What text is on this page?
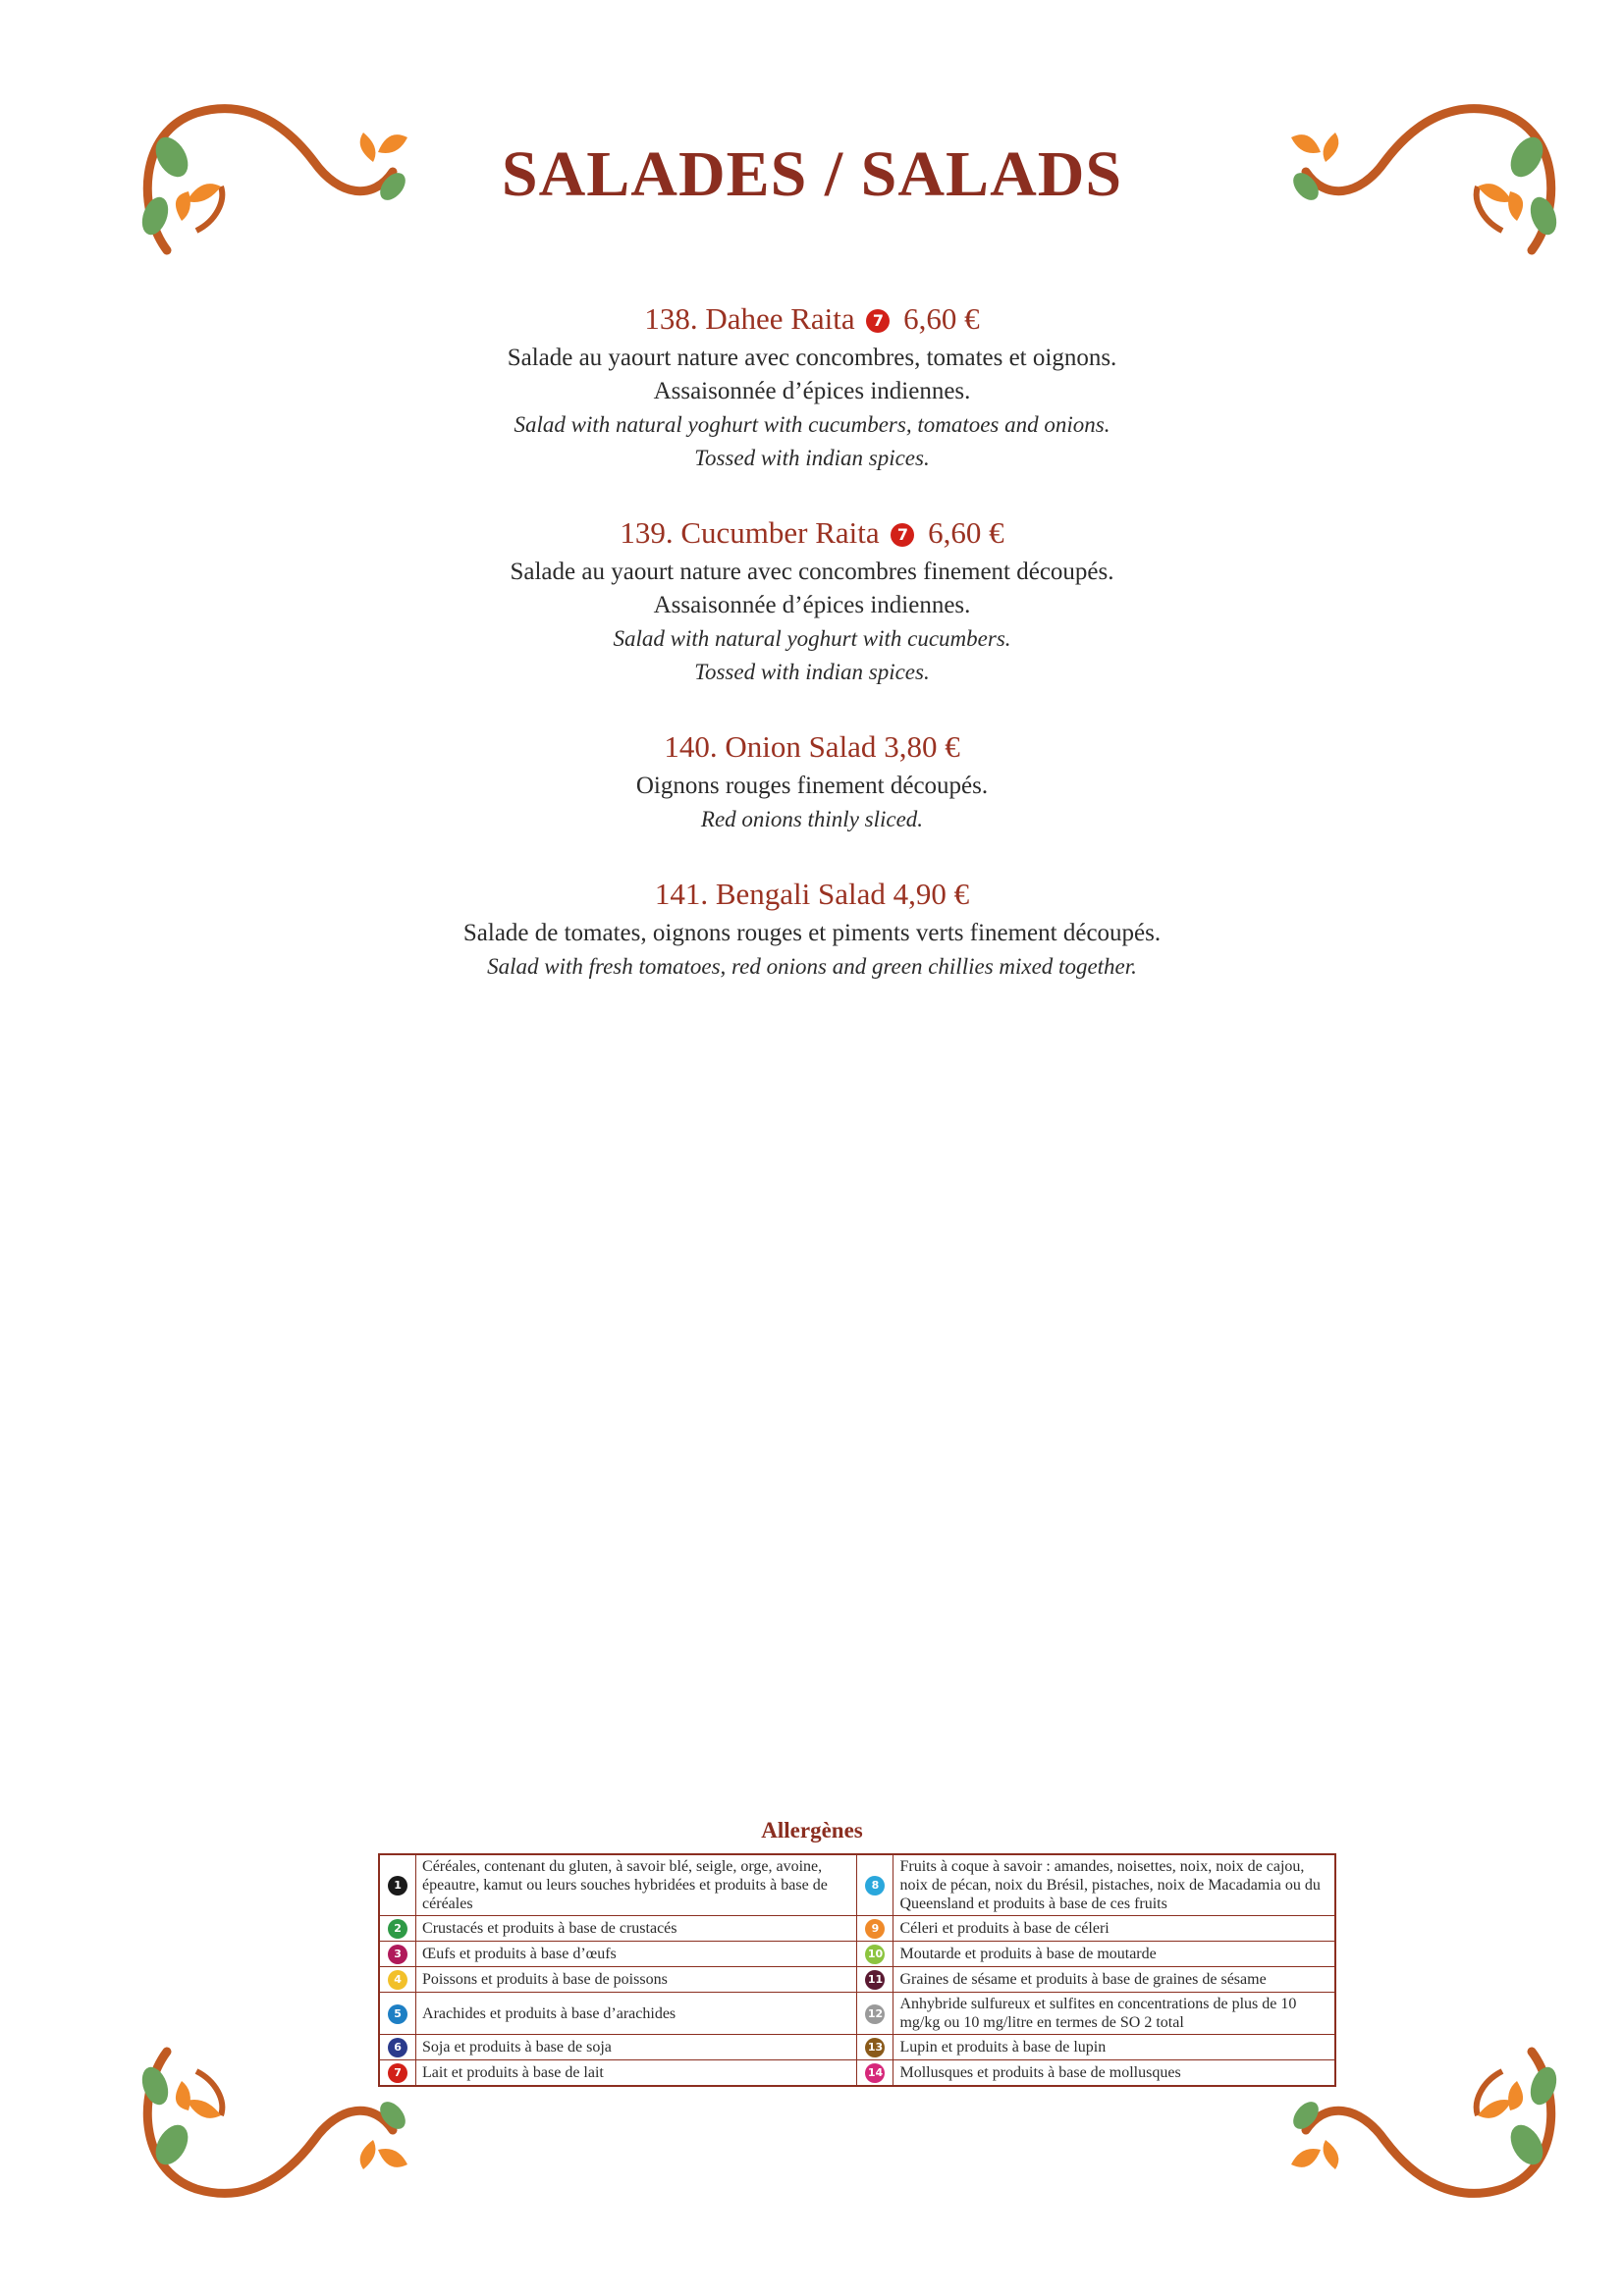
SALADES / SALADS
138. Dahee Raita 7 6,60 €
Salade au yaourt nature avec concombres, tomates et oignons.
Assaisonnée d’épices indiennes.
Salad with natural yoghurt with cucumbers, tomatoes and onions.
Tossed with indian spices.
139. Cucumber Raita 7 6,60 €
Salade au yaourt nature avec concombres finement découpés.
Assaisonnée d’épices indiennes.
Salad with natural yoghurt with cucumbers.
Tossed with indian spices.
140. Onion Salad 3,80 €
Oignons rouges finement découpés.
Red onions thinly sliced.
141. Bengali Salad 4,90 €
Salade de tomates, oignons rouges et piments verts finement découpés.
Salad with fresh tomatoes, red onions and green chillies mixed together.
Allergènes
1	Céréales, contenant du gluten, à savoir blé, seigle, orge, avoine, épeautre, kamut ou leurs souches hybridées et produits à base de céréales	8	Fruits à coque à savoir : amandes, noisettes, noix, noix de cajou, noix de pécan, noix du Brésil, pistaches, noix de Macadamia ou du Queensland et produits à base de ces fruits
2	Crustacés et produits à base de crustacés	9	Céleri et produits à base de céleri
3	Œufs et produits à base d’œufs	10	Moutarde et produits à base de moutarde
4	Poissons et produits à base de poissons	11	Graines de sésame et produits à base de graines de sésame
5	Arachides et produits à base d’arachides	12	Anhybride sulfureux et sulfites en concentrations de plus de 10 mg/kg ou 10 mg/litre en termes de SO 2 total
6	Soja et produits à base de soja	13	Lupin et produits à base de lupin
7	Lait et produits à base de lait	14	Mollusques et produits à base de mollusques
